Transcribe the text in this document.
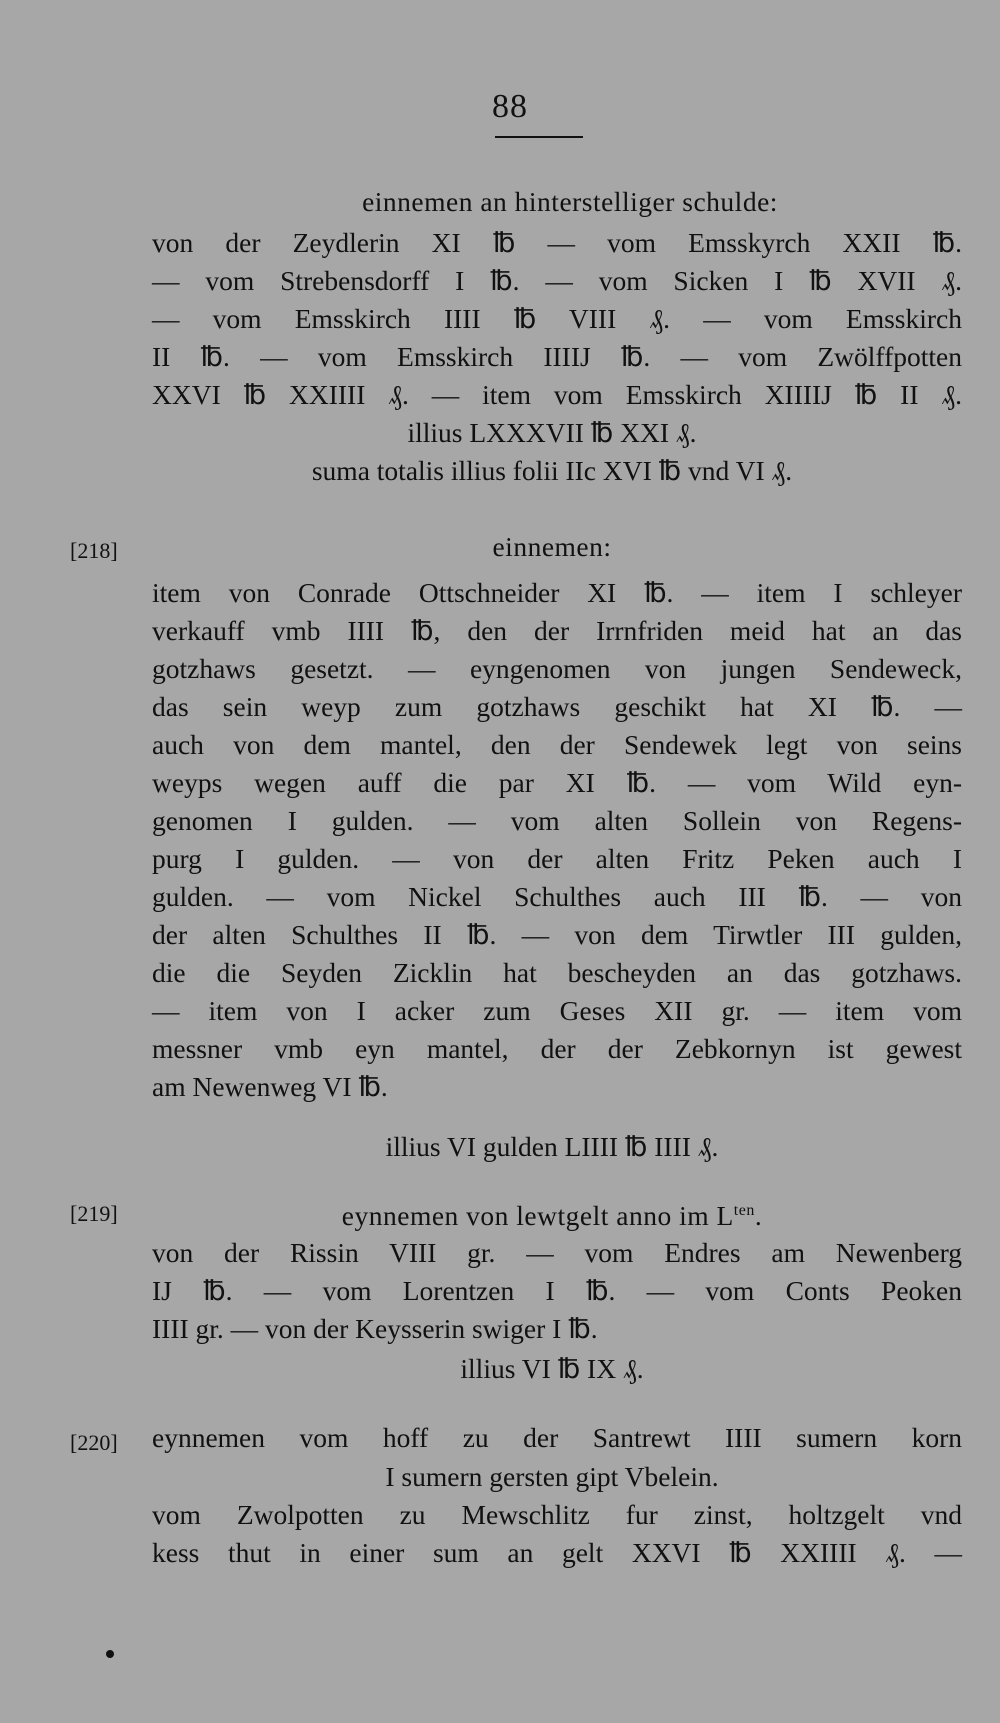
88
einnemen an hinterstelliger schulde:
von der Zeydlerin XI ℔ — vom Emsskyrch XXII ℔.
— vom Strebensdorff I ℔. — vom Sicken I ℔ XVII ₰.
— vom Emsskirch IIII ℔ VIII ₰. — vom Emsskirch
II ℔. — vom Emsskirch IIIIJ ℔. — vom Zwölffpotten
XXVI ℔ XXIIII ₰. — item vom Emsskirch XIIIIJ ℔ II ₰.
illius LXXXVII ℔ XXI ₰.
suma totalis illius folii IIc XVI ℔ vnd VI ₰.
[218]	einnemen:
item von Conrade Ottschneider XI ℔. — item I schleyer
verkauff vmb IIII ℔, den der Irrnfriden meid hat an das
gotzhaws gesetzt. — eyngenomen von jungen Sendeweck,
das sein weyp zum gotzhaws geschikt hat XI ℔. —
auch von dem mantel, den der Sendewek legt von seins
weyps wegen auff die par XI ℔. — vom Wild eyn-
genomen I gulden. — vom alten Sollein von Regens-
purg I gulden. — von der alten Fritz Peken auch I
gulden. — vom Nickel Schulthes auch III ℔. — von
der alten Schulthes II ℔. — von dem Tirwtler III gulden,
die die Seyden Zicklin hat bescheyden an das gotzhaws.
— item von I acker zum Geses XII gr. — item vom
messner vmb eyn mantel, der der Zebkornyn ist gewest
am Newenweg VI ℔.
illius VI gulden LIIII ℔ IIII ₰.
[219]	eynnemen von lewtgelt anno im $L^{ten}$.
von der Rissin VIII gr. — vom Endres am Newenberg
IJ ℔. — vom Lorentzen I ℔. — vom Conts Peoken
IIII gr. — von der Keysserin swiger I ℔.
illius VI ℔ IX ₰.
[220] eynnemen vom hoff zu der Santrewt IIII sumern korn
I sumern gersten gipt Vbelein.
vom Zwolpotten zu Mewschlitz fur zinst, holtzgelt vnd
kess thut in einer sum an gelt XXVI ℔ XXIIII ₰. —
